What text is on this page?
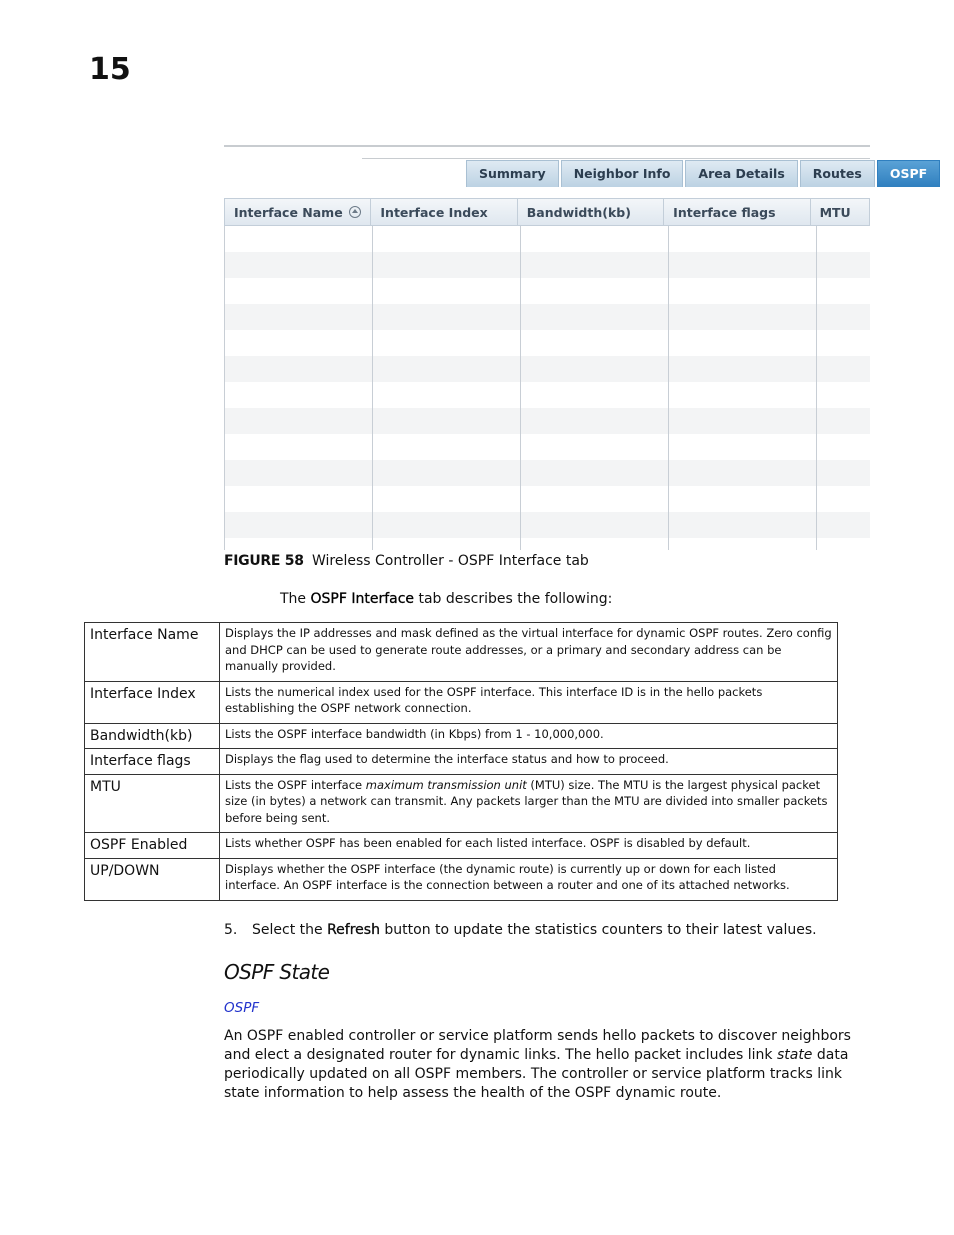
15
Summary	Neighbor Info	Area Details	Routes	OSPF
Interface Name	Interface Index	Bandwidth(kb)	Interface flags	MTU
FIGURE 58 Wireless Controller - OSPF Interface tab
The OSPF Interface tab describes the following:
Interface Name	Displays the IP addresses and mask defined as the virtual interface for dynamic OSPF routes. Zero config and DHCP can be used to generate route addresses, or a primary and secondary address can be manually provided.
Interface Index	Lists the numerical index used for the OSPF interface. This interface ID is in the hello packets establishing the OSPF network connection.
Bandwidth(kb)	Lists the OSPF interface bandwidth (in Kbps) from 1 - 10,000,000.
Interface flags	Displays the flag used to determine the interface status and how to proceed.
MTU	Lists the OSPF interface maximum transmission unit (MTU) size. The MTU is the largest physical packet size (in bytes) a network can transmit. Any packets larger than the MTU are divided into smaller packets before being sent.
OSPF Enabled	Lists whether OSPF has been enabled for each listed interface. OSPF is disabled by default.
UP/DOWN	Displays whether the OSPF interface (the dynamic route) is currently up or down for each listed interface. An OSPF interface is the connection between a router and one of its attached networks.
5. Select the Refresh button to update the statistics counters to their latest values.
OSPF State
OSPF
An OSPF enabled controller or service platform sends hello packets to discover neighbors and elect a designated router for dynamic links. The hello packet includes link state data periodically updated on all OSPF members. The controller or service platform tracks link state information to help assess the health of the OSPF dynamic route.
